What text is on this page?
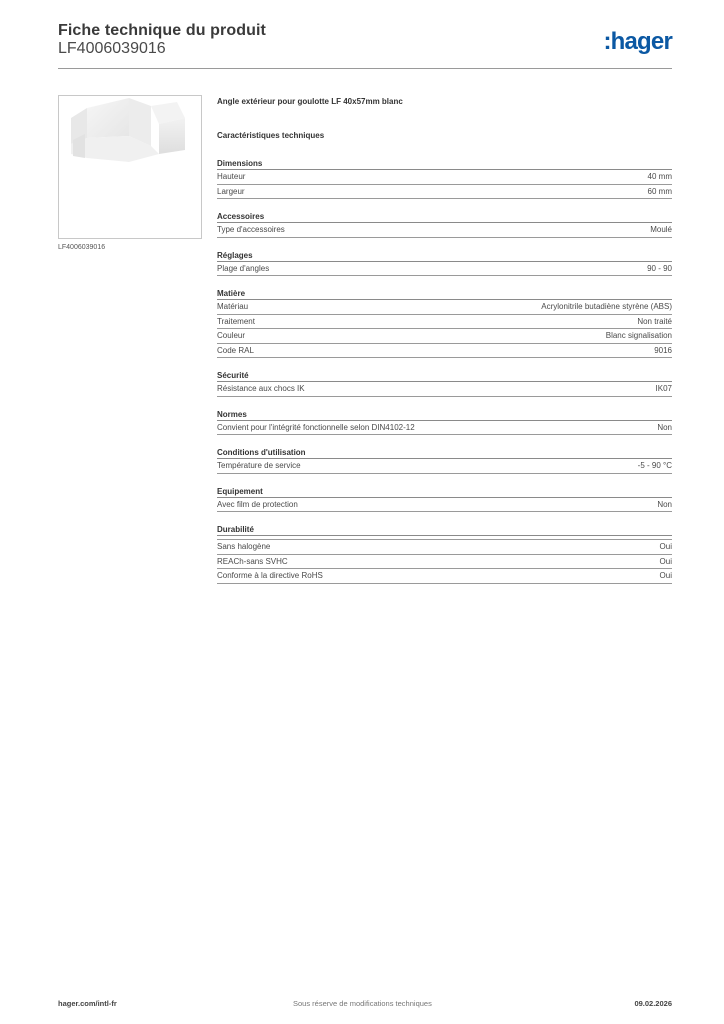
Fiche technique du produit
LF4006039016	:hager
LF4006039016
Angle extérieur pour goulotte LF 40x57mm blanc
Caractéristiques techniques
Dimensions
Hauteur	40 mm
Largeur	60 mm
Accessoires
Type d'accessoires	Moulé
Réglages
Plage d'angles	90 - 90
Matière
Matériau	Acrylonitrile butadiène styrène (ABS)
Traitement	Non traité
Couleur	Blanc signalisation
Code RAL	9016
Sécurité
Résistance aux chocs IK	IK07
Normes
Convient pour l'intégrité fonctionnelle selon DIN4102-12	Non
Conditions d'utilisation
Température de service	-5 - 90 °C
Equipement
Avec film de protection	Non
Durabilité
Sans halogène	Oui
REACh-sans SVHC	Oui
Conforme à la directive RoHS	Oui
hager.com/intl-fr	Sous réserve de modifications techniques	09.02.2026
